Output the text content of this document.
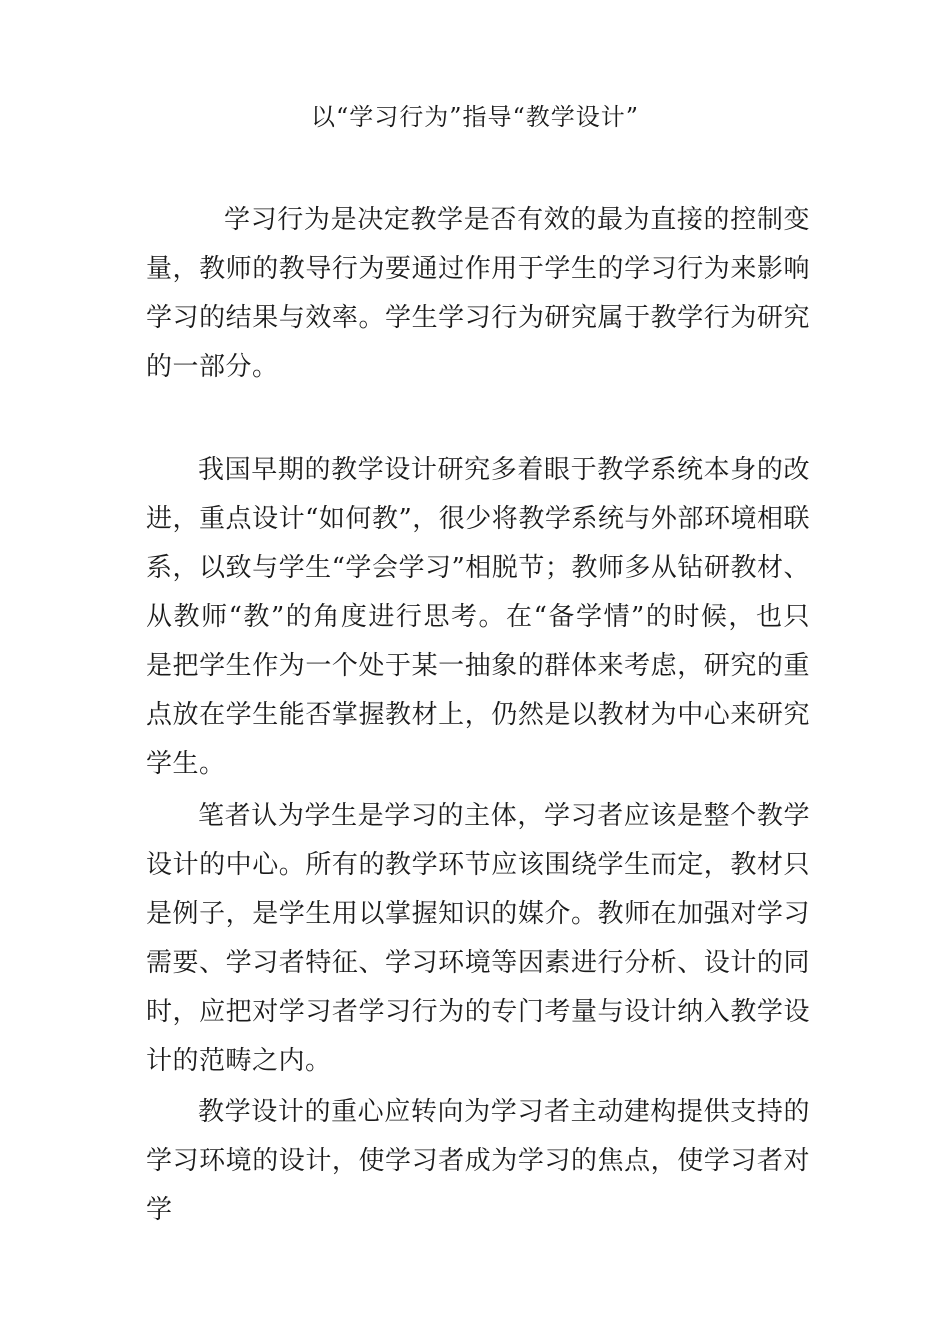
以“学习行为”指导“教学设计”

学习行为是决定教学是否有效的最为直接的控制变量，教师的教导行为要通过作用于学生的学习行为来影响学习的结果与效率。学生学习行为研究属于教学行为研究的一部分。

我国早期的教学设计研究多着眼于教学系统本身的改进，重点设计“如何教”，很少将教学系统与外部环境相联系，以致与学生“学会学习”相脱节；教师多从钻研教材、从教师“教”的角度进行思考。在“备学情”的时候，也只是把学生作为一个处于某一抽象的群体来考虑，研究的重点放在学生能否掌握教材上，仍然是以教材为中心来研究学生。

笔者认为学生是学习的主体，学习者应该是整个教学设计的中心。所有的教学环节应该围绕学生而定，教材只是例子，是学生用以掌握知识的媒介。教师在加强对学习需要、学习者特征、学习环境等因素进行分析、设计的同时，应把对学习者学习行为的专门考量与设计纳入教学设计的范畴之内。

教学设计的重心应转向为学习者主动建构提供支持的学习环境的设计，使学习者成为学习的焦点，使学习者对学
